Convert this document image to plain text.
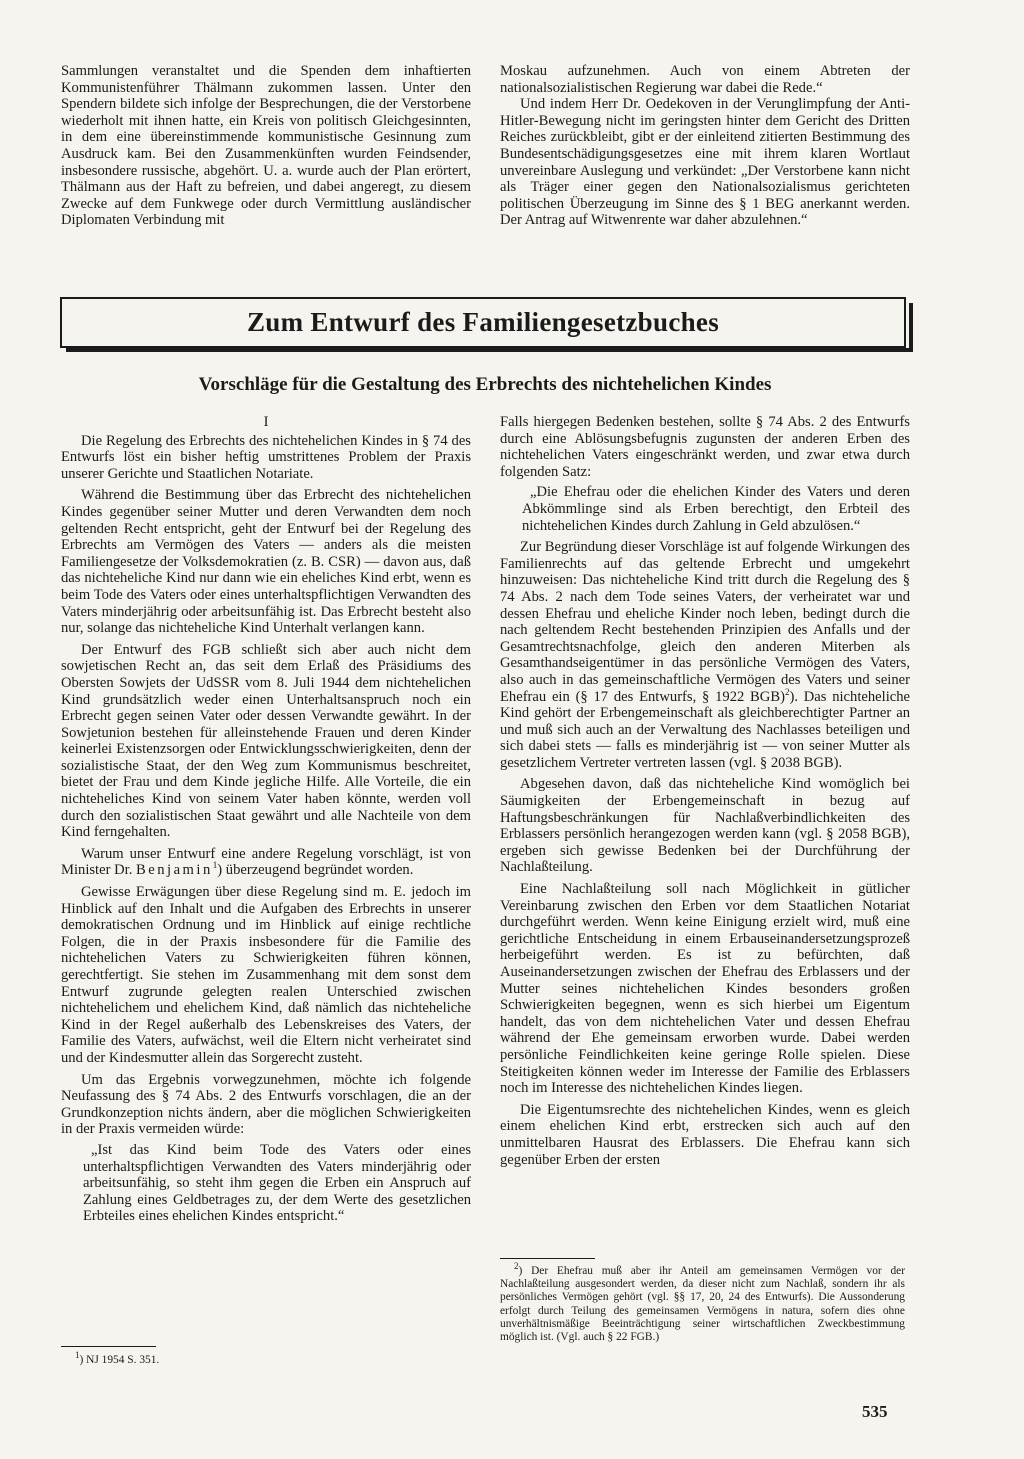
Sammlungen veranstaltet und die Spenden dem inhaftierten Kommunistenführer Thälmann zukommen lassen. Unter den Spendern bildete sich infolge der Besprechungen, die der Verstorbene wiederholt mit ihnen hatte, ein Kreis von politisch Gleichgesinnten, in dem eine übereinstimmende kommunistische Gesinnung zum Ausdruck kam. Bei den Zusammenkünften wurden Feindsender, insbesondere russische, abgehört. U. a. wurde auch der Plan erörtert, Thälmann aus der Haft zu befreien, und dabei angeregt, zu diesem Zwecke auf dem Funkwege oder durch Vermittlung ausländischer Diplomaten Verbindung mit

Moskau aufzunehmen. Auch von einem Abtreten der nationalsozialistischen Regierung war dabei die Rede.“

Und indem Herr Dr. Oedekoven in der Verunglimpfung der Anti-Hitler-Bewegung nicht im geringsten hinter dem Gericht des Dritten Reiches zurückbleibt, gibt er der einleitend zitierten Bestimmung des Bundesentschädigungsgesetzes eine mit ihrem klaren Wortlaut unvereinbare Auslegung und verkündet: „Der Verstorbene kann nicht als Träger einer gegen den Nationalsozialismus gerichteten politischen Überzeugung im Sinne des § 1 BEG anerkannt werden. Der Antrag auf Witwenrente war daher abzulehnen.“

Zum Entwurf des Familiengesetzbuches
Vorschläge für die Gestaltung des Erbrechts des nichtehelichen Kindes

I

Die Regelung des Erbrechts des nichtehelichen Kindes in § 74 des Entwurfs löst ein bisher heftig umstrittenes Problem der Praxis unserer Gerichte und Staatlichen Notariate.

Während die Bestimmung über das Erbrecht des nichtehelichen Kindes gegenüber seiner Mutter und deren Verwandten dem noch geltenden Recht entspricht, geht der Entwurf bei der Regelung des Erbrechts am Vermögen des Vaters — anders als die meisten Familiengesetze der Volksdemokratien (z. B. CSR) — davon aus, daß das nichteheliche Kind nur dann wie ein eheliches Kind erbt, wenn es beim Tode des Vaters oder eines unterhaltspflichtigen Verwandten des Vaters minderjährig oder arbeitsunfähig ist. Das Erbrecht besteht also nur, solange das nichteheliche Kind Unterhalt verlangen kann.

Der Entwurf des FGB schließt sich aber auch nicht dem sowjetischen Recht an, das seit dem Erlaß des Präsidiums des Obersten Sowjets der UdSSR vom 8. Juli 1944 dem nichtehelichen Kind grundsätzlich weder einen Unterhaltsanspruch noch ein Erbrecht gegen seinen Vater oder dessen Verwandte gewährt. In der Sowjetunion bestehen für alleinstehende Frauen und deren Kinder keinerlei Existenzsorgen oder Entwicklungsschwierigkeiten, denn der sozialistische Staat, der den Weg zum Kommunismus beschreitet, bietet der Frau und dem Kinde jegliche Hilfe. Alle Vorteile, die ein nichteheliches Kind von seinem Vater haben könnte, werden voll durch den sozialistischen Staat gewährt und alle Nachteile von dem Kind ferngehalten.

Warum unser Entwurf eine andere Regelung vorschlägt, ist von Minister Dr. Benjamin$^1$) überzeugend begründet worden.

Gewisse Erwägungen über diese Regelung sind m. E. jedoch im Hinblick auf den Inhalt und die Aufgaben des Erbrechts in unserer demokratischen Ordnung und im Hinblick auf einige rechtliche Folgen, die in der Praxis insbesondere für die Familie des nichtehelichen Vaters zu Schwierigkeiten führen können, gerechtfertigt. Sie stehen im Zusammenhang mit dem sonst dem Entwurf zugrunde gelegten realen Unterschied zwischen nichtehelichem und ehelichem Kind, daß nämlich das nichteheliche Kind in der Regel außerhalb des Lebenskreises des Vaters, der Familie des Vaters, aufwächst, weil die Eltern nicht verheiratet sind und der Kindesmutter allein das Sorgerecht zusteht.

Um das Ergebnis vorwegzunehmen, möchte ich folgende Neufassung des § 74 Abs. 2 des Entwurfs vorschlagen, die an der Grundkonzeption nichts ändern, aber die möglichen Schwierigkeiten in der Praxis vermeiden würde:

„Ist das Kind beim Tode des Vaters oder eines unterhaltspflichtigen Verwandten des Vaters minderjährig oder arbeitsunfähig, so steht ihm gegen die Erben ein Anspruch auf Zahlung eines Geldbetrages zu, der dem Werte des gesetzlichen Erbteiles eines ehelichen Kindes entspricht.“

Falls hiergegen Bedenken bestehen, sollte § 74 Abs. 2 des Entwurfs durch eine Ablösungsbefugnis zugunsten der anderen Erben des nichtehelichen Vaters eingeschränkt werden, und zwar etwa durch folgenden Satz:

„Die Ehefrau oder die ehelichen Kinder des Vaters und deren Abkömmlinge sind als Erben berechtigt, den Erbteil des nichtehelichen Kindes durch Zahlung in Geld abzulösen.“

Zur Begründung dieser Vorschläge ist auf folgende Wirkungen des Familienrechts auf das geltende Erbrecht und umgekehrt hinzuweisen: Das nichteheliche Kind tritt durch die Regelung des § 74 Abs. 2 nach dem Tode seines Vaters, der verheiratet war und dessen Ehefrau und eheliche Kinder noch leben, bedingt durch die nach geltendem Recht bestehenden Prinzipien des Anfalls und der Gesamtrechtsnachfolge, gleich den anderen Miterben als Gesamthandseigentümer in das persönliche Vermögen des Vaters, also auch in das gemeinschaftliche Vermögen des Vaters und seiner Ehefrau ein (§ 17 des Entwurfs, § 1922 BGB)$^2$). Das nichteheliche Kind gehört der Erbengemeinschaft als gleichberechtigter Partner an und muß sich auch an der Verwaltung des Nachlasses beteiligen und sich dabei stets — falls es minderjährig ist — von seiner Mutter als gesetzlichem Vertreter vertreten lassen (vgl. § 2038 BGB).

Abgesehen davon, daß das nichteheliche Kind womöglich bei Säumigkeiten der Erbengemeinschaft in bezug auf Haftungsbeschränkungen für Nachlaßverbindlichkeiten des Erblassers persönlich herangezogen werden kann (vgl. § 2058 BGB), ergeben sich gewisse Bedenken bei der Durchführung der Nachlaßteilung.

Eine Nachlaßteilung soll nach Möglichkeit in gütlicher Vereinbarung zwischen den Erben vor dem Staatlichen Notariat durchgeführt werden. Wenn keine Einigung erzielt wird, muß eine gerichtliche Entscheidung in einem Erbauseinandersetzungsprozeß herbeigeführt werden. Es ist zu befürchten, daß Auseinandersetzungen zwischen der Ehefrau des Erblassers und der Mutter seines nichtehelichen Kindes besonders großen Schwierigkeiten begegnen, wenn es sich hierbei um Eigentum handelt, das von dem nichtehelichen Vater und dessen Ehefrau während der Ehe gemeinsam erworben wurde. Dabei werden persönliche Feindlichkeiten keine geringe Rolle spielen. Diese Steitigkeiten können weder im Interesse der Familie des Erblassers noch im Interesse des nichtehelichen Kindes liegen.

Die Eigentumsrechte des nichtehelichen Kindes, wenn es gleich einem ehelichen Kind erbt, erstrecken sich auch auf den unmittelbaren Hausrat des Erblassers. Die Ehefrau kann sich gegenüber Erben der ersten

$^2$) Der Ehefrau muß aber ihr Anteil am gemeinsamen Vermögen vor der Nachlaßteilung ausgesondert werden, da dieser nicht zum Nachlaß, sondern ihr als persönliches Vermögen gehört (vgl. §§ 17, 20, 24 des Entwurfs). Die Aussonderung erfolgt durch Teilung des gemeinsamen Vermögens in natura, sofern dies ohne unverhältnismäßige Beeinträchtigung seiner wirtschaftlichen Zweckbestimmung möglich ist. (Vgl. auch § 22 FGB.)

$^1$) NJ 1954 S. 351.

535
